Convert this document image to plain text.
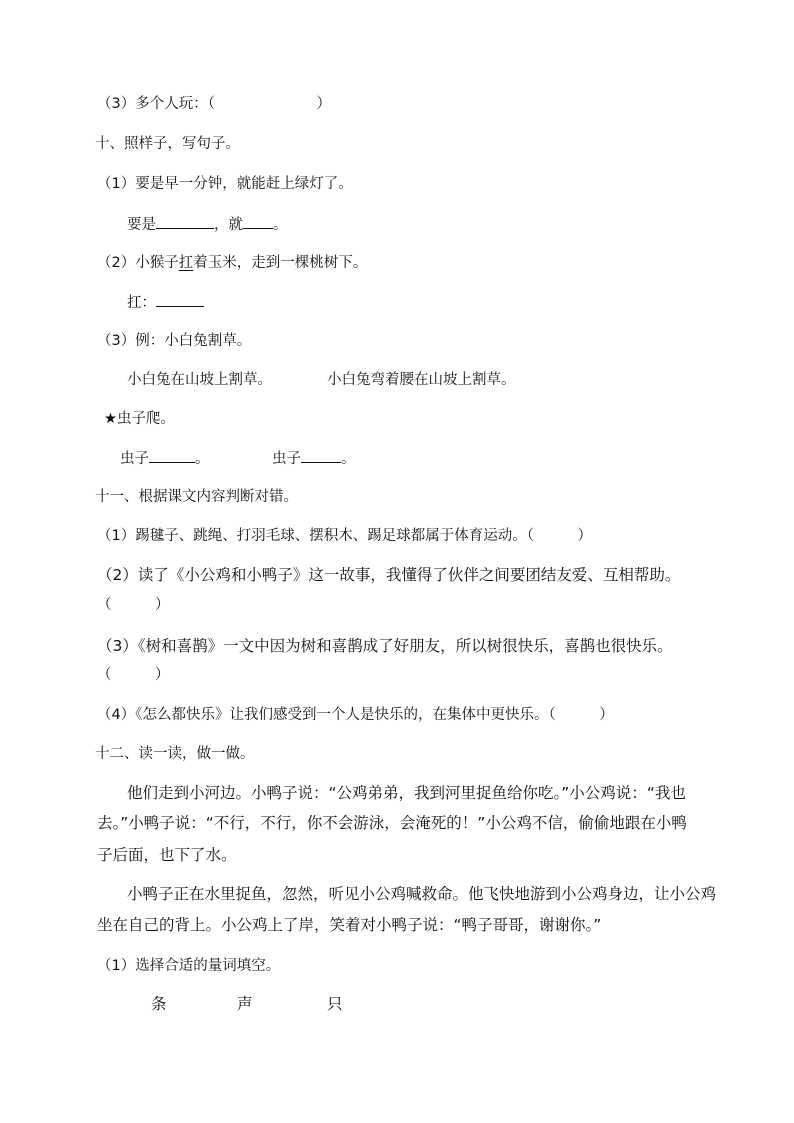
（3）多个人玩：（　　　　　　　）
十、照样子，写句子。
（1）要是早一分钟，就能赶上绿灯了。
要是	，就 。
（2）小猴子扛着玉米，走到一棵桃树下。
扛：
（3）例：小白兔割草。
小白兔在山坡上割草。	小白兔弯着腰在山坡上割草。
★虫子爬。
虫子	。	虫子	。
十一、根据课文内容判断对错。
（1）踢毽子、跳绳、打羽毛球、摆积木、踢足球都属于体育运动。（　　　）
（2）读了《小公鸡和小鸭子》这一故事，我懂得了伙伴之间要团结友爱、互相帮助。
（　　　）
（3）《树和喜鹊》一文中因为树和喜鹊成了好朋友，所以树很快乐，喜鹊也很快乐。
（　　　）
（4）《怎么都快乐》让我们感受到一个人是快乐的，在集体中更快乐。（　　　）
十二、读一读，做一做。
他们走到小河边。小鸭子说：“公鸡弟弟，我到河里捉鱼给你吃。”小公鸡说：“我也
去。”小鸭子说：“不行，不行，你不会游泳，会淹死的！”小公鸡不信，偷偷地跟在小鸭
子后面，也下了水。
小鸭子正在水里捉鱼，忽然，听见小公鸡喊救命。他飞快地游到小公鸡身边，让小公鸡
坐在自己的背上。小公鸡上了岸，笑着对小鸭子说：“鸭子哥哥，谢谢你。”
（1）选择合适的量词填空。
条	声	只
